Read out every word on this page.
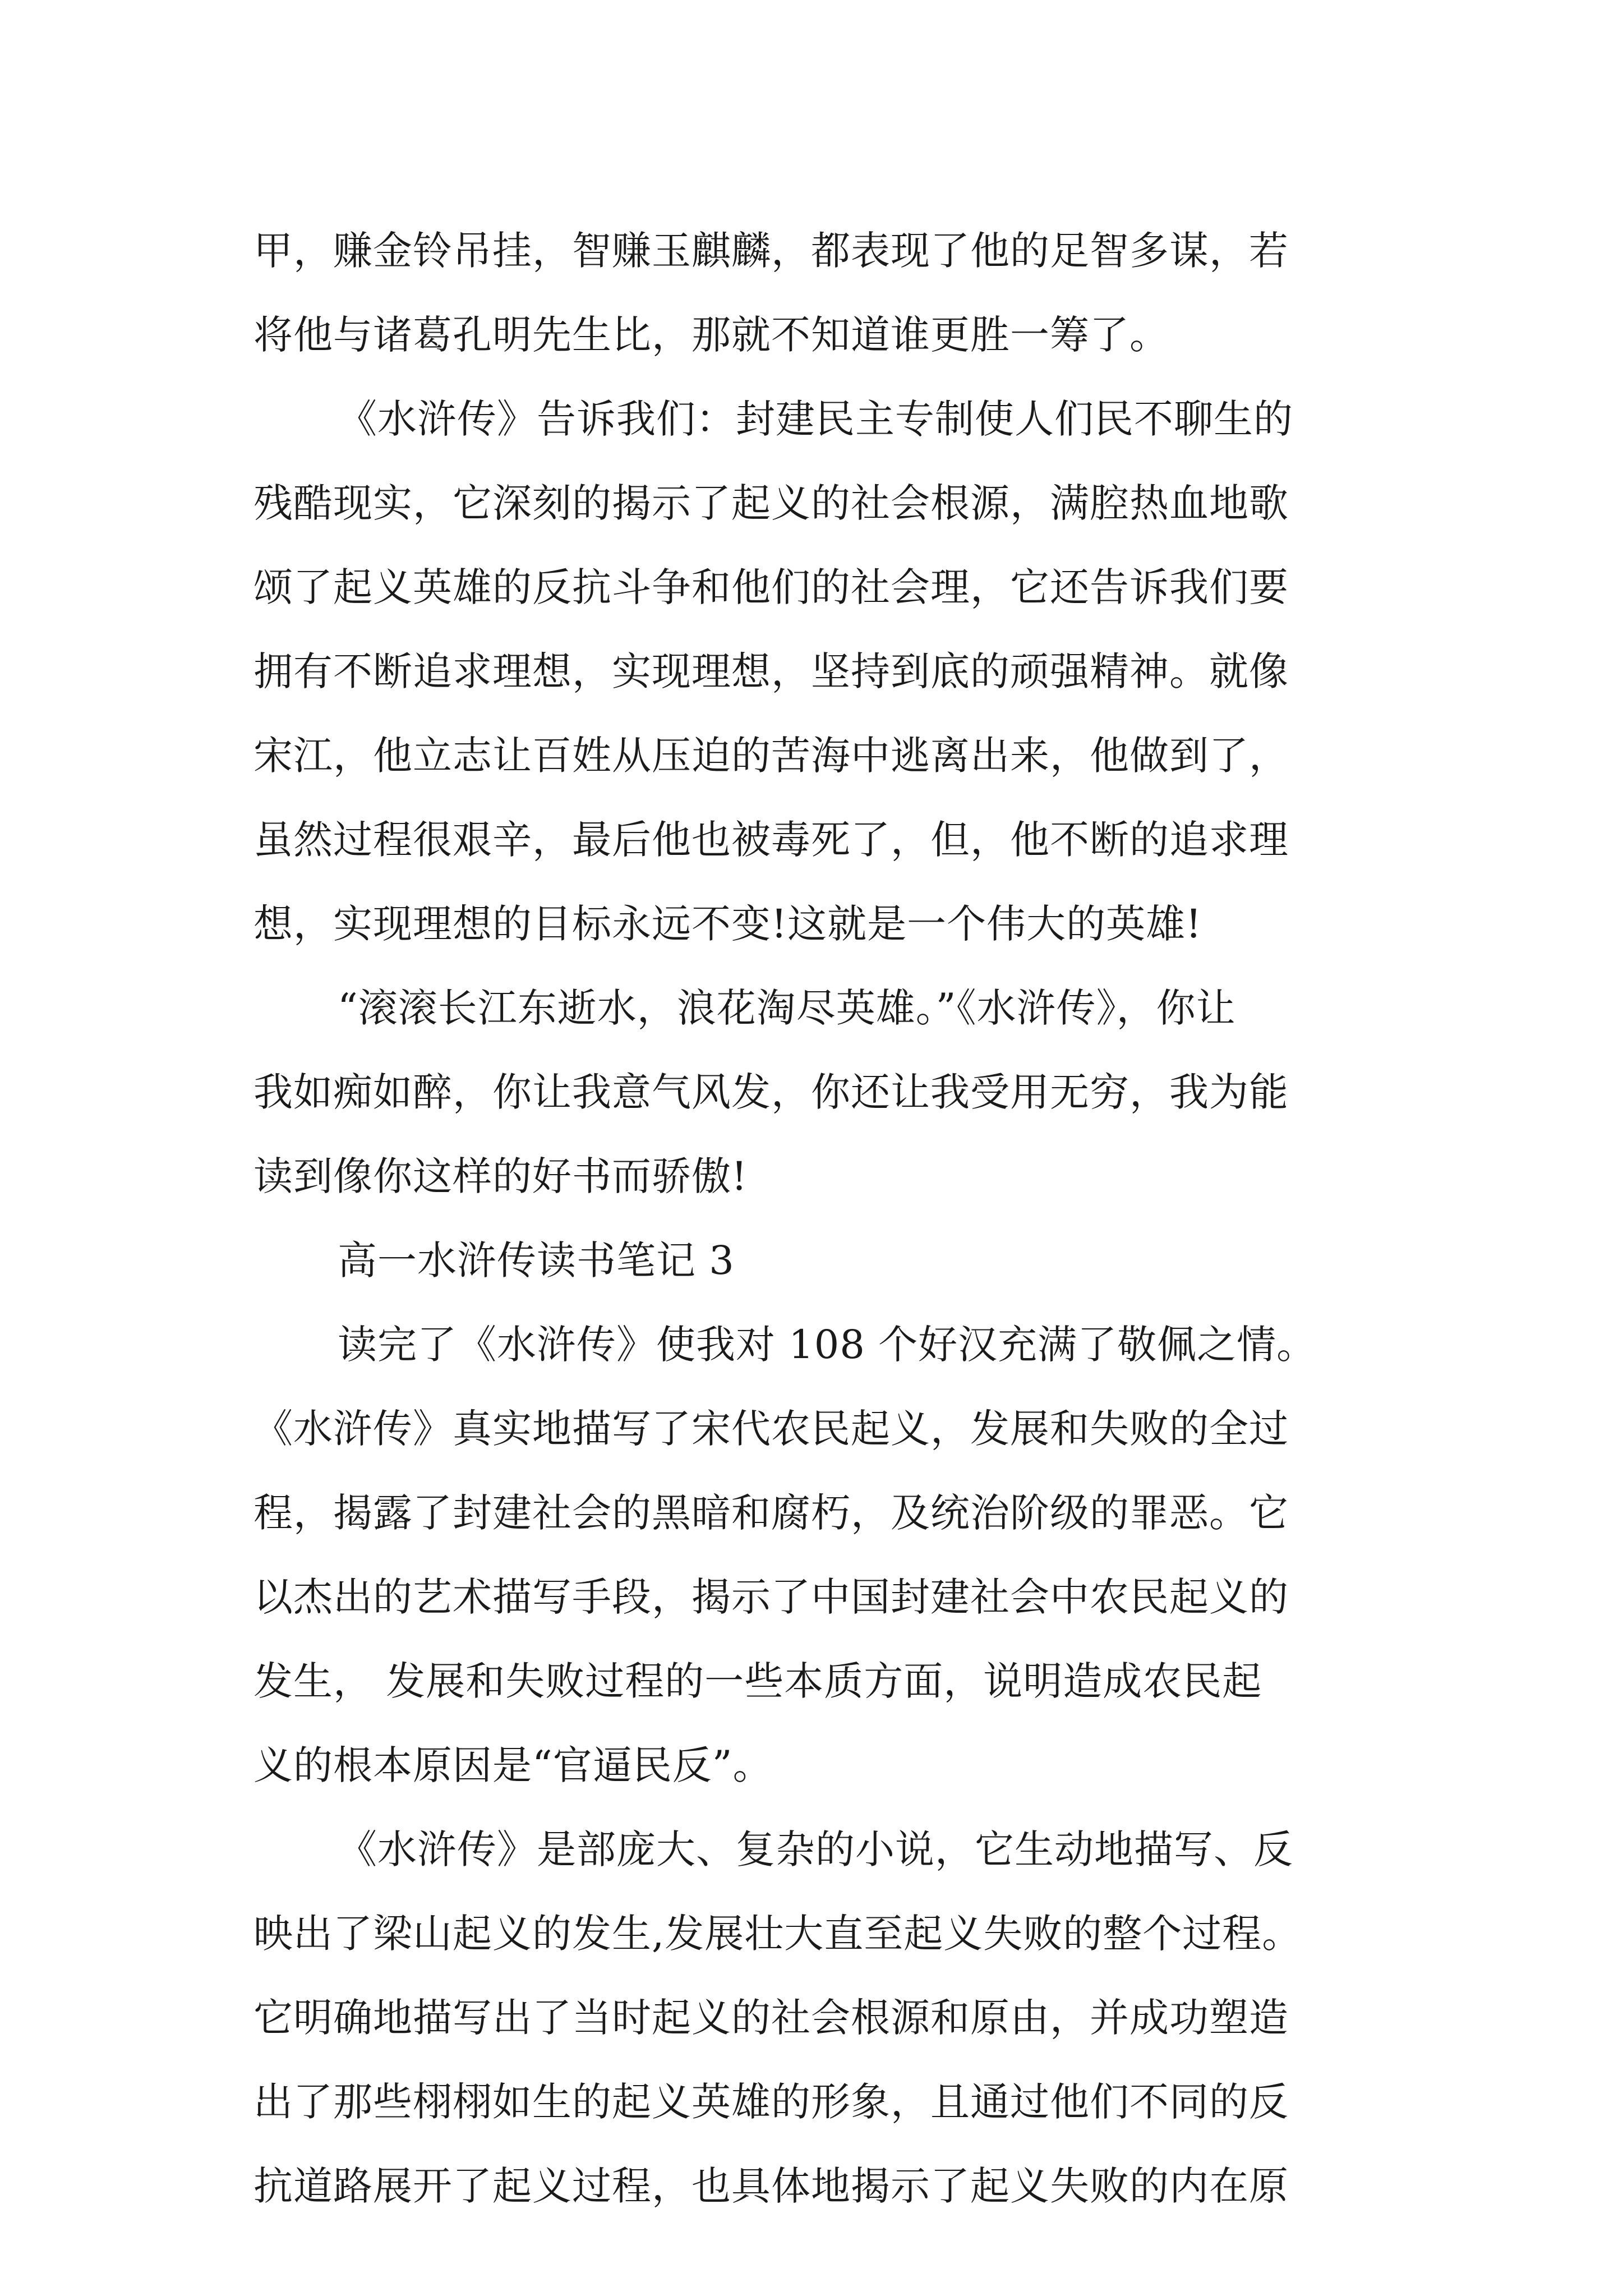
甲，赚金铃吊挂，智赚玉麒麟，都表现了他的足智多谋，若
将他与诸葛孔明先生比，那就不知道谁更胜一筹了。
《水浒传》告诉我们：封建民主专制使人们民不聊生的
残酷现实，它深刻的揭示了起义的社会根源，满腔热血地歌
颂了起义英雄的反抗斗争和他们的社会理，它还告诉我们要
拥有不断追求理想，实现理想，坚持到底的顽强精神。就像
宋江，他立志让百姓从压迫的苦海中逃离出来，他做到了，
虽然过程很艰辛，最后他也被毒死了，但，他不断的追求理
想，实现理想的目标永远不变!这就是一个伟大的英雄!
“滚滚长江东逝水，浪花淘尽英雄。”《水浒传》，你让
我如痴如醉，你让我意气风发，你还让我受用无穷，我为能
读到像你这样的好书而骄傲!
高一水浒传读书笔记 3
读完了《水浒传》使我对 108 个好汉充满了敬佩之情。
《水浒传》真实地描写了宋代农民起义，发展和失败的全过
程，揭露了封建社会的黑暗和腐朽，及统治阶级的罪恶。它
以杰出的艺术描写手段，揭示了中国封建社会中农民起义的
发生， 发展和失败过程的一些本质方面，说明造成农民起
义的根本原因是“官逼民反”。
《水浒传》是部庞大、复杂的小说，它生动地描写、反
映出了梁山起义的发生,发展壮大直至起义失败的整个过程。
它明确地描写出了当时起义的社会根源和原由，并成功塑造
出了那些栩栩如生的起义英雄的形象，且通过他们不同的反
抗道路展开了起义过程，也具体地揭示了起义失败的内在原
